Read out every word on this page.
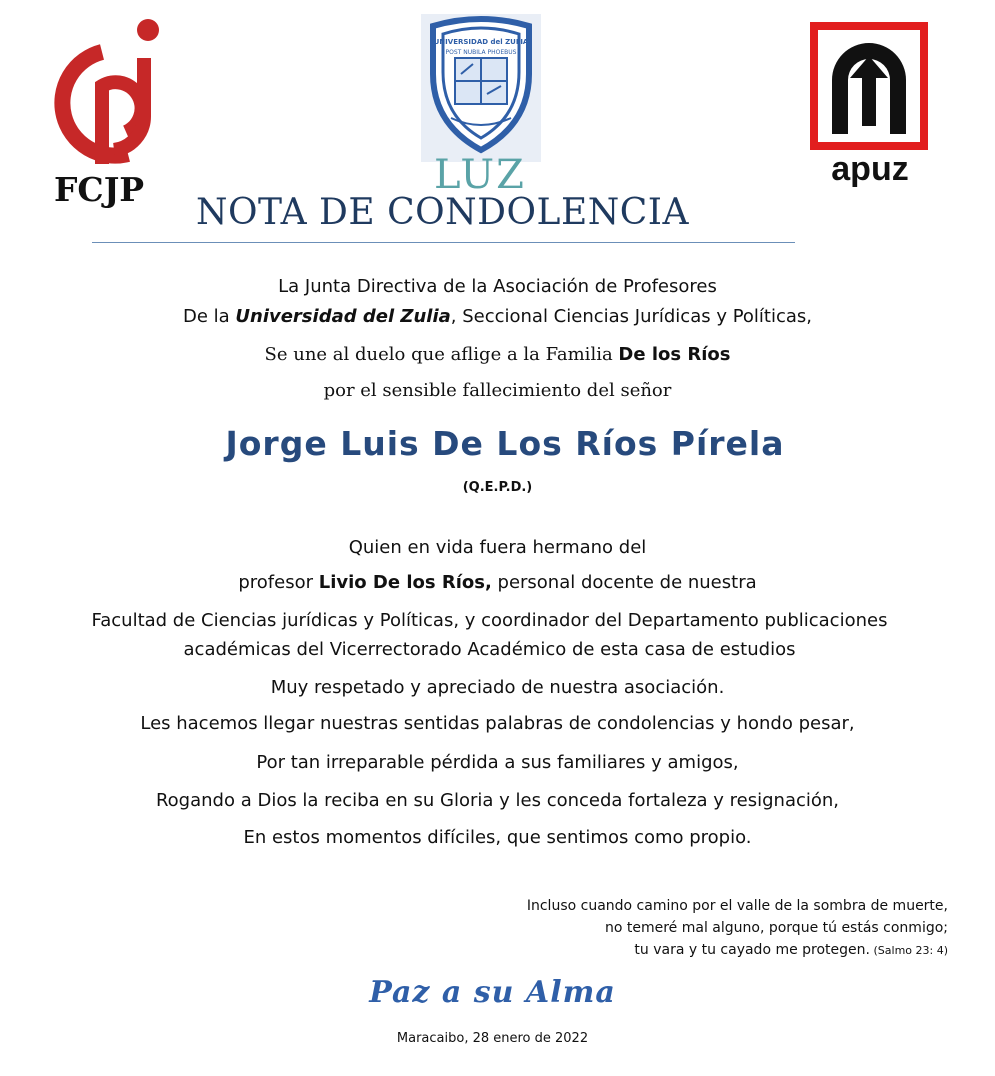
FCJP
UNIVERSIDAD del ZULIA
POST NUBILA PHOEBUS
LUZ	apuz
NOTA DE CONDOLENCIA
La Junta Directiva de la Asociación de Profesores
De la Universidad del Zulia, Seccional Ciencias Jurídicas y Políticas,
Se une al duelo que aflige a la Familia De los Ríos
por el sensible fallecimiento del señor
Jorge Luis De Los Ríos Pírela
(Q.E.P.D.)
Quien en vida fuera hermano del
profesor Livio De los Ríos, personal docente de nuestra
Facultad de Ciencias jurídicas y Políticas, y coordinador del Departamento publicaciones
académicas del Vicerrectorado Académico de esta casa de estudios
Muy respetado y apreciado de nuestra asociación.
Les hacemos llegar nuestras sentidas palabras de condolencias y hondo pesar,
Por tan irreparable pérdida a sus familiares y amigos,
Rogando a Dios la reciba en su Gloria y les conceda fortaleza y resignación,
En estos momentos difíciles, que sentimos como propio.
Incluso cuando camino por el valle de la sombra de muerte,
no temeré mal alguno, porque tú estás conmigo;
tu vara y tu cayado me protegen. (Salmo 23: 4)
Paz a su Alma
Maracaibo, 28 enero de 2022
